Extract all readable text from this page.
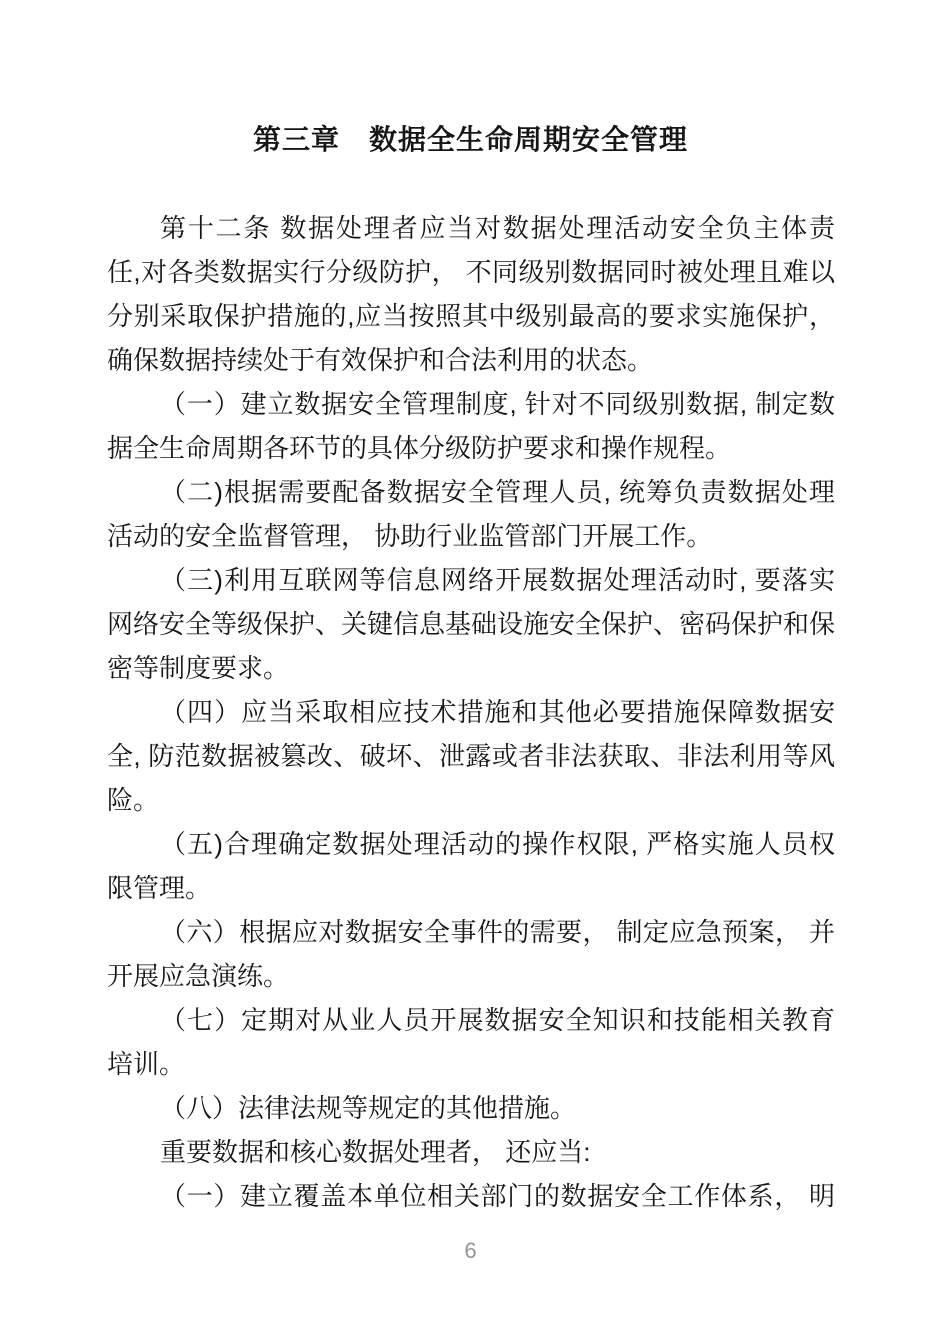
第三章　数据全生命周期安全管理
第十二条 数据处理者应当对数据处理活动安全负主体责
任,对各类数据实行分级防护， 不同级别数据同时被处理且难以
分别采取保护措施的,应当按照其中级别最高的要求实施保护，
确保数据持续处于有效保护和合法利用的状态。
（一）建立数据安全管理制度, 针对不同级别数据, 制定数
据全生命周期各环节的具体分级防护要求和操作规程。
（二)根据需要配备数据安全管理人员, 统筹负责数据处理
活动的安全监督管理， 协助行业监管部门开展工作。
（三)利用互联网等信息网络开展数据处理活动时, 要落实
网络安全等级保护、关键信息基础设施安全保护、密码保护和保
密等制度要求。
（四）应当采取相应技术措施和其他必要措施保障数据安
全, 防范数据被篡改、破坏、泄露或者非法获取、非法利用等风
险。
（五)合理确定数据处理活动的操作权限, 严格实施人员权
限管理。
（六）根据应对数据安全事件的需要， 制定应急预案， 并
开展应急演练。
（七）定期对从业人员开展数据安全知识和技能相关教育
培训。
（八）法律法规等规定的其他措施。
重要数据和核心数据处理者， 还应当:
（一）建立覆盖本单位相关部门的数据安全工作体系， 明
6
